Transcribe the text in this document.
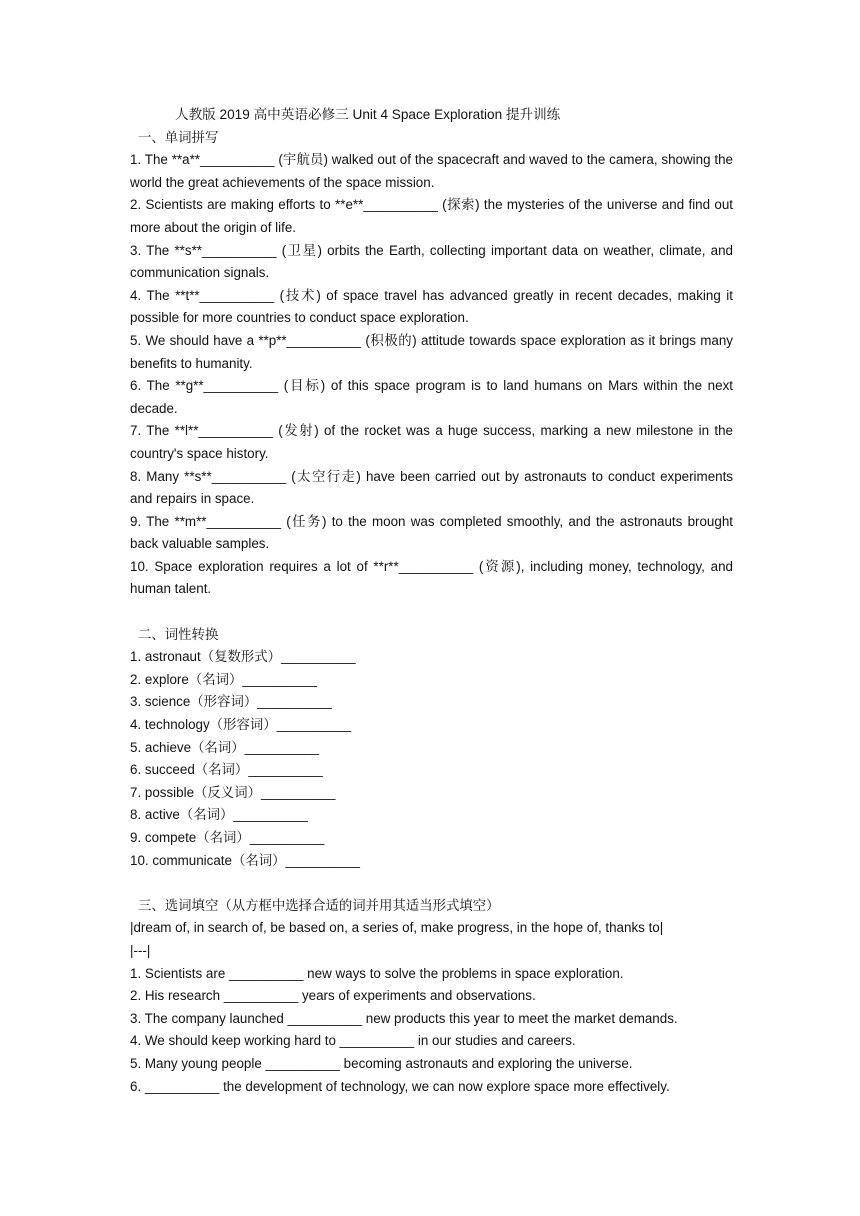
人教版 2019 高中英语必修三 Unit 4 Space Exploration 提升训练
一、单词拼写

1. The **a**__________ (宇航员) walked out of the spacecraft and waved to the camera, showing the world the great achievements of the space mission.

2. Scientists are making efforts to **e**__________ (探索) the mysteries of the universe and find out more about the origin of life.

3. The **s**__________ (卫星) orbits the Earth, collecting important data on weather, climate, and communication signals.

4. The **t**__________ (技术) of space travel has advanced greatly in recent decades, making it possible for more countries to conduct space exploration.

5. We should have a **p**__________ (积极的) attitude towards space exploration as it brings many benefits to humanity.

6. The **g**__________ (目标) of this space program is to land humans on Mars within the next decade.

7. The **l**__________ (发射) of the rocket was a huge success, marking a new milestone in the country's space history.

8. Many **s**__________ (太空行走) have been carried out by astronauts to conduct experiments and repairs in space.

9. The **m**__________ (任务) to the moon was completed smoothly, and the astronauts brought back valuable samples.

10. Space exploration requires a lot of **r**__________ (资源), including money, technology, and human talent.

二、词性转换
1. astronaut（复数形式）__________
2. explore（名词）__________
3. science（形容词）__________
4. technology（形容词）__________
5. achieve（名词）__________
6. succeed（名词）__________
7. possible（反义词）__________
8. active（名词）__________
9. compete（名词）__________
10. communicate（名词）__________
三、选词填空（从方框中选择合适的词并用其适当形式填空）
|dream of, in search of, be based on, a series of, make progress, in the hope of, thanks to|
|---|
1. Scientists are __________ new ways to solve the problems in space exploration.
2. His research __________ years of experiments and observations.
3. The company launched __________ new products this year to meet the market demands.
4. We should keep working hard to __________ in our studies and careers.
5. Many young people __________ becoming astronauts and exploring the universe.
6. __________ the development of technology, we can now explore space more effectively.
